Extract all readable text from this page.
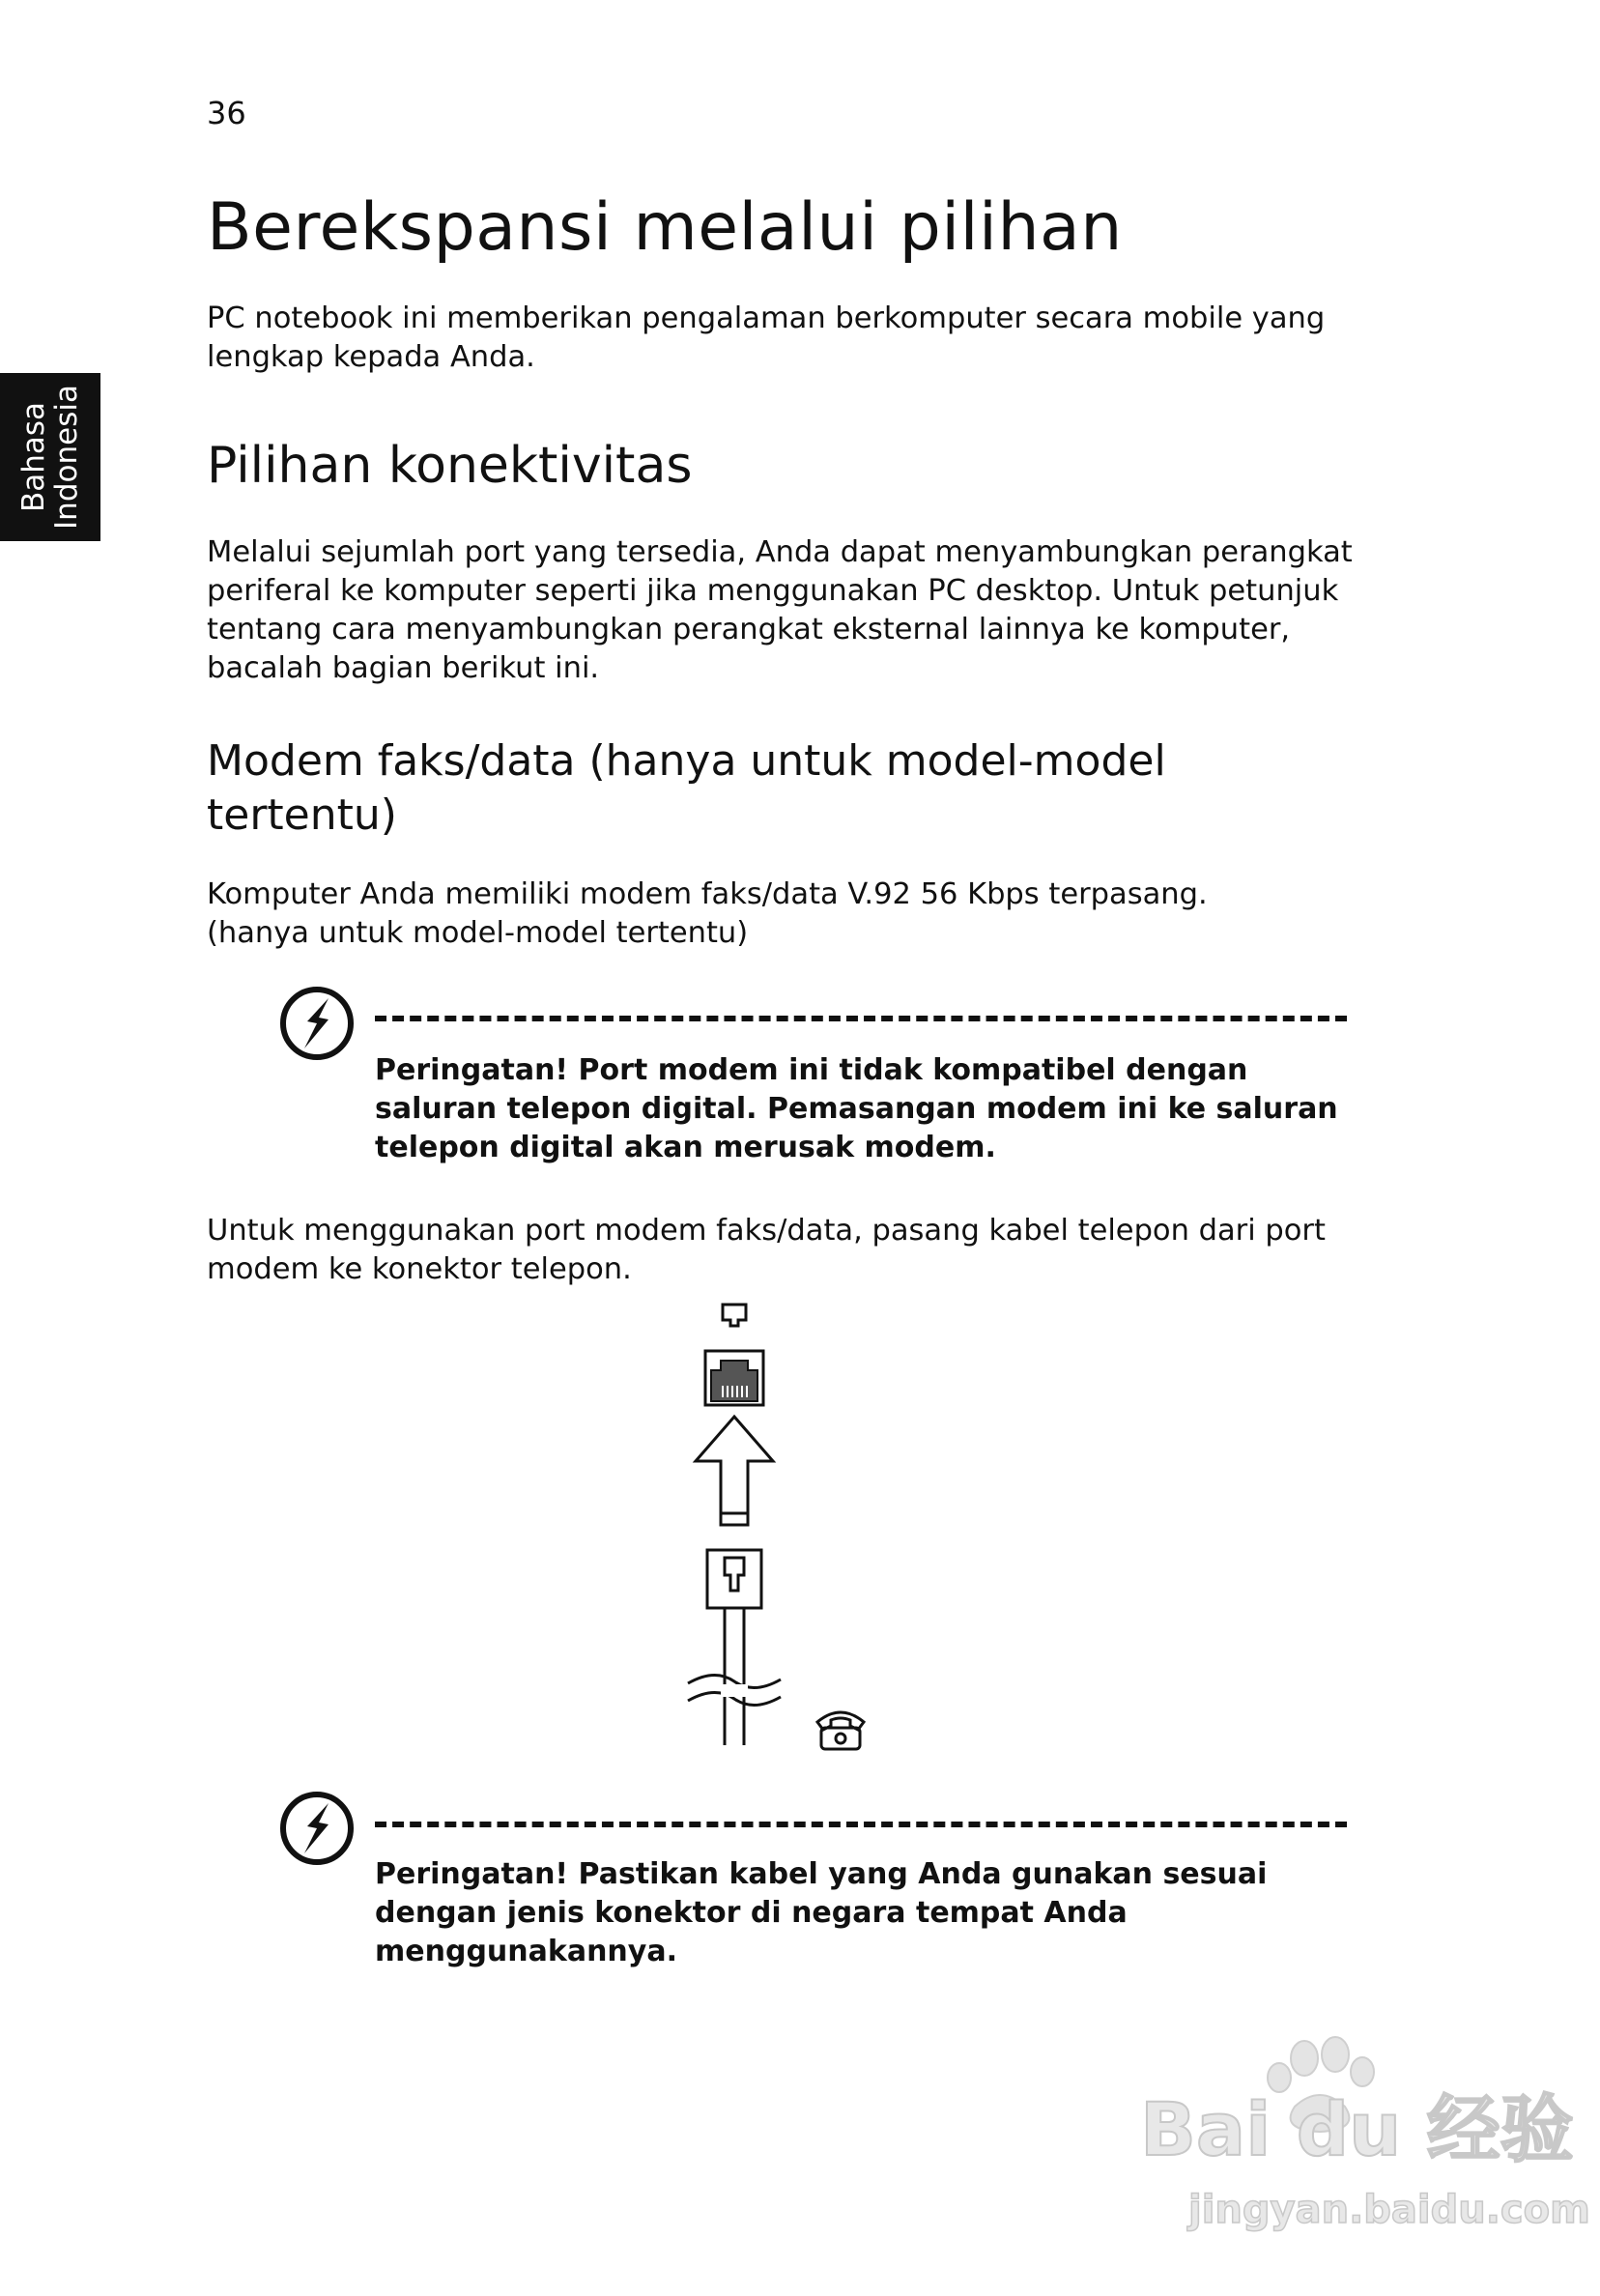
36
Bahasa
Indonesia
Berekspansi melalui pilihan

PC notebook ini memberikan pengalaman berkomputer secara mobile yang lengkap kepada Anda.

Pilihan konektivitas

Melalui sejumlah port yang tersedia, Anda dapat menyambungkan perangkat periferal ke komputer seperti jika menggunakan PC desktop. Untuk petunjuk tentang cara menyambungkan perangkat eksternal lainnya ke komputer, bacalah bagian berikut ini.

Modem faks/data (hanya untuk model-model tertentu)

Komputer Anda memiliki modem faks/data V.92 56 Kbps terpasang.
(hanya untuk model-model tertentu)

Peringatan! Port modem ini tidak kompatibel dengan saluran telepon digital. Pemasangan modem ini ke saluran telepon digital akan merusak modem.

Untuk menggunakan port modem faks/data, pasang kabel telepon dari port modem ke konektor telepon.

Peringatan! Pastikan kabel yang Anda gunakan sesuai dengan jenis konektor di negara tempat Anda menggunakannya.

Bai du 经验
jingyan.baidu.com
